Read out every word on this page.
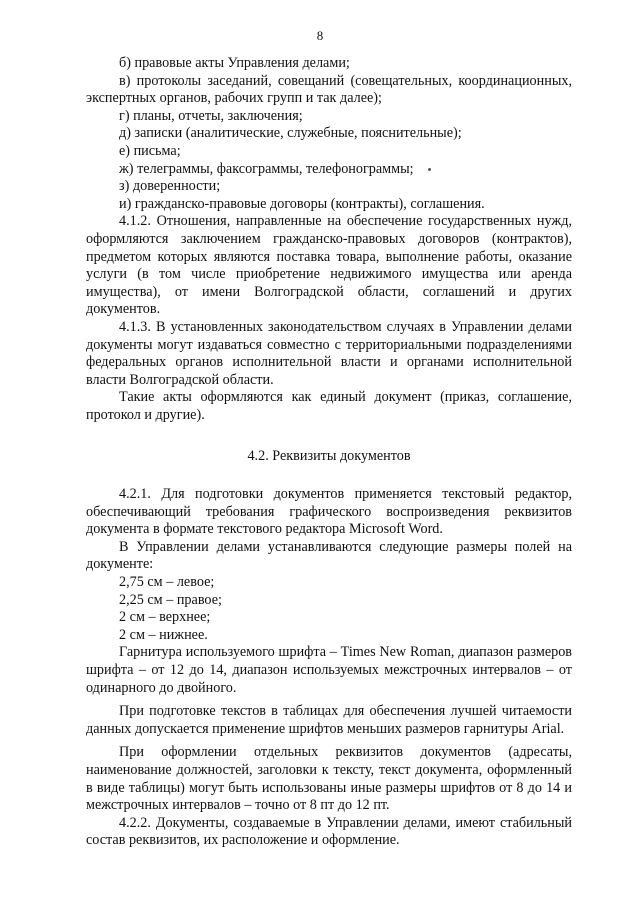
8

б) правовые акты Управления делами;

в) протоколы заседаний, совещаний (совещательных, координационных, экспертных органов, рабочих групп и так далее);

г) планы, отчеты, заключения;

д) записки (аналитические, служебные, пояснительные);

е) письма;

ж) телеграммы, факсограммы, телефонограммы;

з) доверенности;

и) гражданско-правовые договоры (контракты), соглашения.

4.1.2. Отношения, направленные на обеспечение государственных нужд, оформляются заключением гражданско-правовых договоров (контрактов), предметом которых являются поставка товара, выполнение работы, оказание услуги (в том числе приобретение недвижимого имущества или аренда имущества), от имени Волгоградской области, соглашений и других документов.

4.1.3. В установленных законодательством случаях в Управлении делами документы могут издаваться совместно с территориальными подразделениями федеральных органов исполнительной власти и органами исполнительной власти Волгоградской области.

Такие акты оформляются как единый документ (приказ, соглашение, протокол и другие).

4.2. Реквизиты документов

4.2.1. Для подготовки документов применяется текстовый редактор, обеспечивающий требования графического воспроизведения реквизитов документа в формате текстового редактора Microsoft Word.

В Управлении делами устанавливаются следующие размеры полей на документе:

2,75 см – левое;

2,25 см – правое;

2 см – верхнее;

2 см – нижнее.

Гарнитура используемого шрифта – Times New Roman, диапазон размеров шрифта – от 12 до 14, диапазон используемых межстрочных интервалов – от одинарного до двойного.

При подготовке текстов в таблицах для обеспечения лучшей читаемости данных допускается применение шрифтов меньших размеров гарнитуры Arial.

При оформлении отдельных реквизитов документов (адресаты, наименование должностей, заголовки к тексту, текст документа, оформленный в виде таблицы) могут быть использованы иные размеры шрифтов от 8 до 14 и межстрочных интервалов – точно от 8 пт до 12 пт.

4.2.2. Документы, создаваемые в Управлении делами, имеют стабильный состав реквизитов, их расположение и оформление.
